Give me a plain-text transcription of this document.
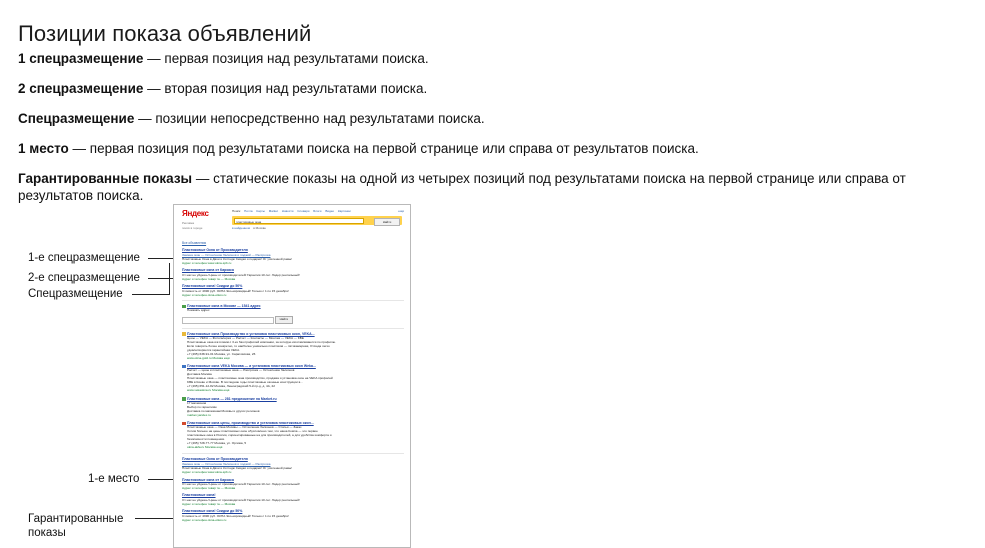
Позиции показа объявлений
1 спецразмещение — первая позиция над результатами поиска.
2 спецразмещение — вторая позиция над результатами поиска.
Спецразмещение — позиции непосредственно над результатами поиска.
1 место — первая позиция под результатами поиска на первой странице или справа от результатов поиска.
Гарантированные показы — статические показы на одной из четырех позиций под результатами поиска на первой странице или справа от результатов поиска.
1-е спецразмещение
2-е спецразмещение
Спецразмещение
1-е место
Гарантированные показы
Яндекс
Реклама
поиск в городе
Поиск Почта Карты Market Новости Словари Блоги Видео Картинки	ещё
пластиковые окна	Найти
в найденном в Москве
Все объявления
Пластиковые Окна от Производителя
Замена окон — Остекление балконов и лоджий — Рассрочка
Пластиковые Окна в Дачи и Коттедж Скидки и подарки! От усиленной рамы!
Адрес и телефон www.okna-spb.ru
Пластиковые окна от Каркаса
От нас не уйдешь! Цены от производителей! Гарантия 10 лет. Лидер рентальный!
Адрес и телефон товар та — Москва
Пластиковые окна! Скидки до 50%
Стоимость от 4990 руб. ОКНА Эко-евровидный! Только с 1 по 15 декабря!
Адрес и телефон okna-otkos.ru
Пластиковые окна в Москве — 1541 адрес
Показать адрес
Найти
Пластиковые окна Производство и установка пластиковых окон, VEKA...
Цены — VEKA — Фотогалерея — Расчет — Контакты — Монтаж — VEKA — KBE
Пластиковые окна изготовим с 3-ех баз профилей компании, за которую изготавливаются по профилю.
Если говорить более конкретно, то наиболее уникально пластиков — пятикамерная, Отсюда легко
удовлетворяется гарантийная VEKA.
+7 (495) 638-91-01 Москва, ул. Саратовская, 26
www.okna-gold.ru Москва ещё
Пластиковые окна VEKA Москва — и установка пластиковых окон Weka...
Расчет — цены и пластиковые окна — Рассрочка — Остекление балконов
Доставка Москва
Пластиковые окна — пластиковые окна производство, продажа и установка окон на VEKA профилей
KBE в Киеве и Москве. В последние годы пластиковые оконные конструкции в...
+7 (495) 651-12-82 Москва, Ленинградский 5-й пр-д, д. 4А, 22
www.vekaokna.ru Москва ещё
Пластиковые окна — 281 предложение на Market.ru
17 магазинов
Выбор по гарантиям
Доставка по магазинам Москвы и других регионов
market.yandex.ru
Пластиковые окна цены, производство и установка пластиковых окон...
Пластиковые окна — Окна Москвы — Остекление балконов — Статьи — Заказ
Хотим больше на цены пластиковых окон обусловлено тем, что наша Компа — это первое
пластиковые окна в России, сориентированные на для производителей, а для удобства комфорта и
безопасности помещения.
+7 (495) 728-77-77 Москва, ул. Орлова, 5
okna-akfa.ru Москва ещё
Пластиковые Окна от Производителя
Замена окон — Остекление балконов и лоджий — Рассрочка
Пластиковые Окна в Дачи и Коттедж Скидки и подарки! От усиленной рамы!
Адрес и телефон www.okna-spb.ru
Пластиковые окна от Каркаса
От нас не уйдешь! Цены от производителей! Гарантия 10 лет. Лидер рентальный!
Адрес и телефон товар та — Москва
Пластиковые окна!
От нас не уйдешь! Цены от производителей! Гарантия 10 лет. Лидер рентальный!
Адрес и телефон товар та — Москва
Пластиковые окна! Скидки до 50%
Стоимость от 4990 руб. ОКНА Эко-евровидный! Только с 1 по 15 декабря!
Адрес и телефон okna-otkos.ru
